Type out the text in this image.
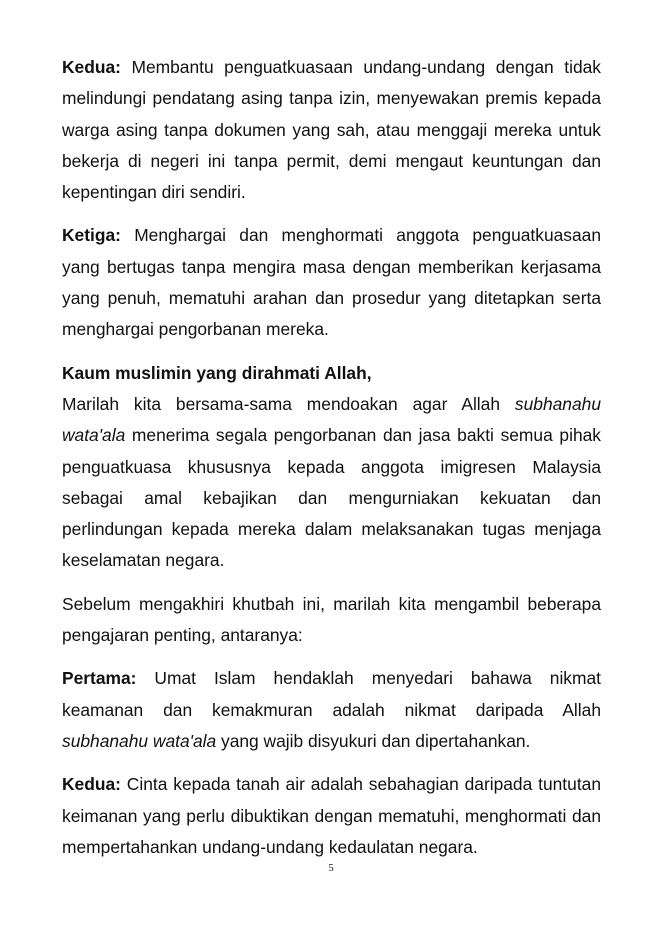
Kedua: Membantu penguatkuasaan undang-undang dengan tidak melindungi pendatang asing tanpa izin, menyewakan premis kepada warga asing tanpa dokumen yang sah, atau menggaji mereka untuk bekerja di negeri ini tanpa permit, demi mengaut keuntungan dan kepentingan diri sendiri.

Ketiga: Menghargai dan menghormati anggota penguatkuasaan yang bertugas tanpa mengira masa dengan memberikan kerjasama yang penuh, mematuhi arahan dan prosedur yang ditetapkan serta menghargai pengorbanan mereka.

Kaum muslimin yang dirahmati Allah,

Marilah kita bersama-sama mendoakan agar Allah subhanahu wata'ala menerima segala pengorbanan dan jasa bakti semua pihak penguatkuasa khususnya kepada anggota imigresen Malaysia sebagai amal kebajikan dan mengurniakan kekuatan dan perlindungan kepada mereka dalam melaksanakan tugas menjaga keselamatan negara.

Sebelum mengakhiri khutbah ini, marilah kita mengambil beberapa pengajaran penting, antaranya:

Pertama: Umat Islam hendaklah menyedari bahawa nikmat keamanan dan kemakmuran adalah nikmat daripada Allah subhanahu wata'ala yang wajib disyukuri dan dipertahankan.

Kedua: Cinta kepada tanah air adalah sebahagian daripada tuntutan keimanan yang perlu dibuktikan dengan mematuhi, menghormati dan mempertahankan undang-undang kedaulatan negara.

5
